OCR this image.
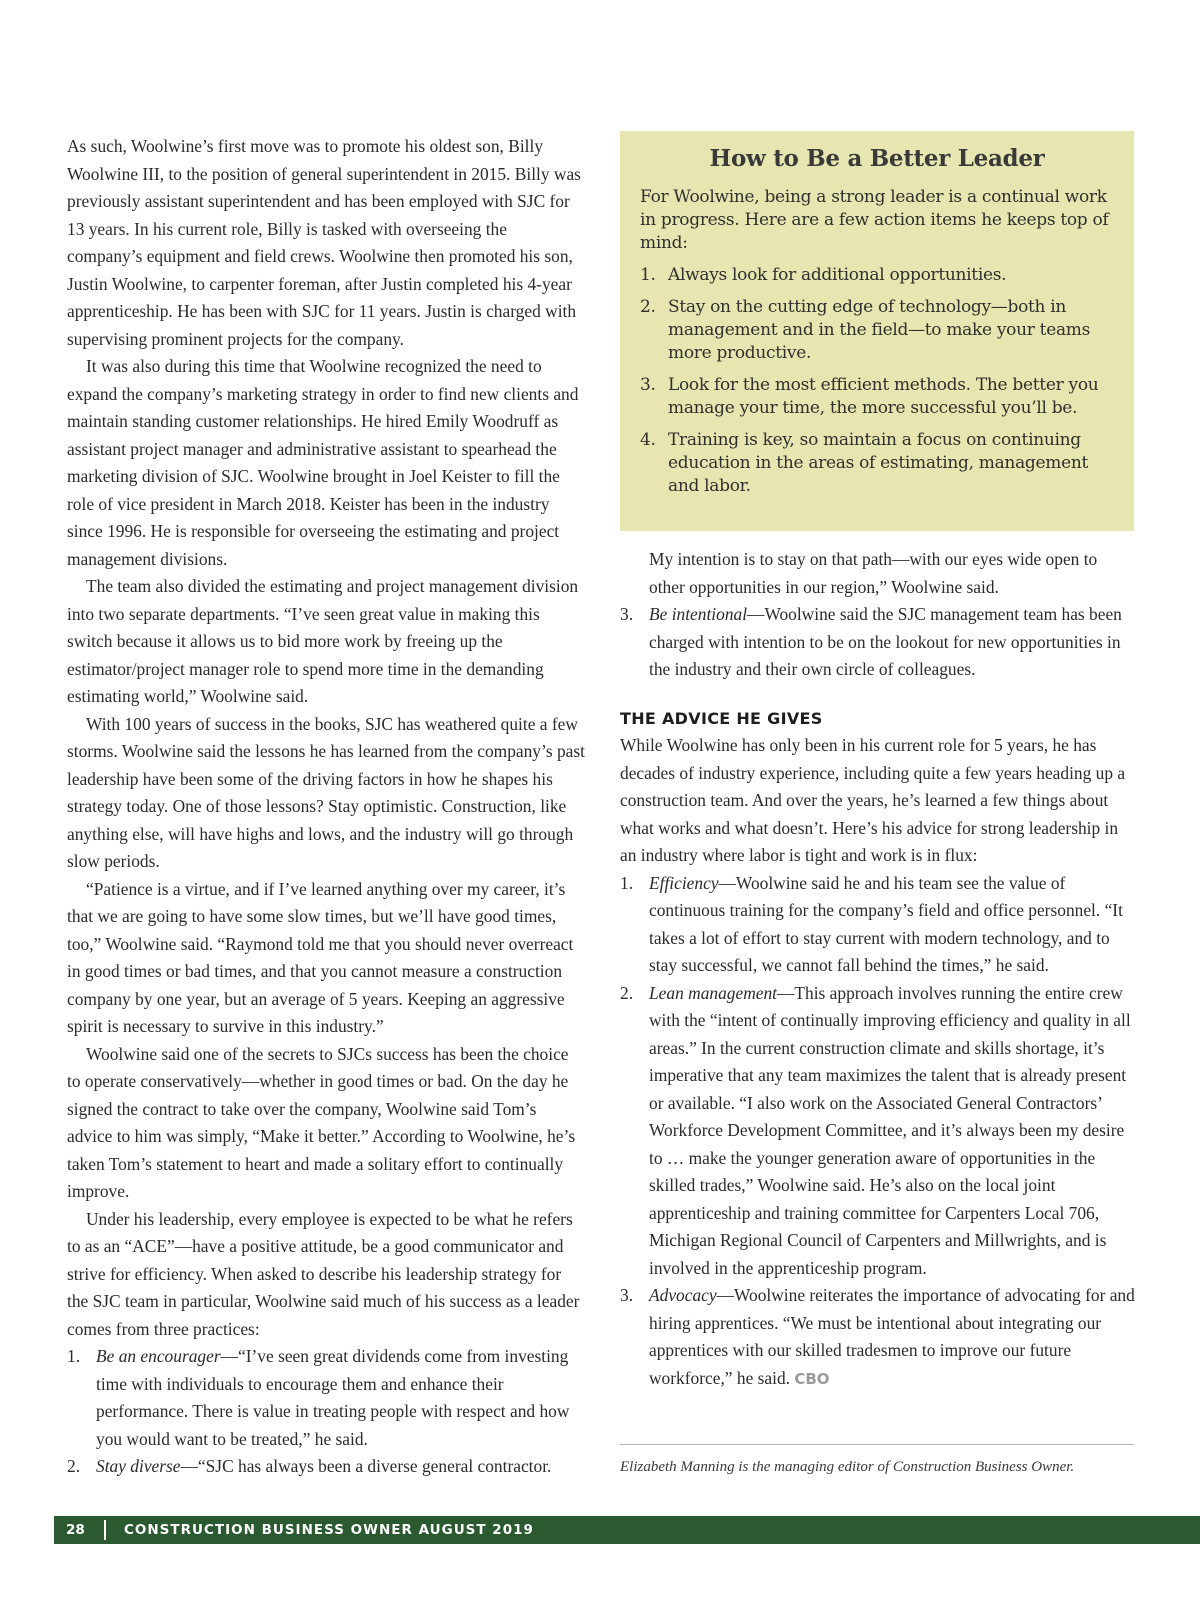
As such, Woolwine’s first move was to promote his oldest son, Billy Woolwine III, to the position of general superintendent in 2015. Billy was previously assistant superintendent and has been employed with SJC for 13 years. In his current role, Billy is tasked with overseeing the company’s equipment and field crews. Woolwine then promoted his son, Justin Woolwine, to carpenter foreman, after Justin completed his 4-year apprenticeship. He has been with SJC for 11 years. Justin is charged with supervising prominent projects for the company.

It was also during this time that Woolwine recognized the need to expand the company’s marketing strategy in order to find new clients and maintain standing customer relationships. He hired Emily Woodruff as assistant project manager and administrative assistant to spearhead the marketing division of SJC. Woolwine brought in Joel Keister to fill the role of vice president in March 2018. Keister has been in the industry since 1996. He is responsible for overseeing the estimating and project management divisions.

The team also divided the estimating and project management division into two separate departments. “I’ve seen great value in making this switch because it allows us to bid more work by freeing up the estimator/project manager role to spend more time in the demanding estimating world,” Woolwine said.

With 100 years of success in the books, SJC has weathered quite a few storms. Woolwine said the lessons he has learned from the company’s past leadership have been some of the driving factors in how he shapes his strategy today. One of those lessons? Stay optimistic. Construction, like anything else, will have highs and lows, and the industry will go through slow periods.

“Patience is a virtue, and if I’ve learned anything over my career, it’s that we are going to have some slow times, but we’ll have good times, too,” Woolwine said. “Raymond told me that you should never overreact in good times or bad times, and that you cannot measure a construction company by one year, but an average of 5 years. Keeping an aggressive spirit is necessary to survive in this industry.”

Woolwine said one of the secrets to SJCs success has been the choice to operate conservatively—whether in good times or bad. On the day he signed the contract to take over the company, Woolwine said Tom’s advice to him was simply, “Make it better.” According to Woolwine, he’s taken Tom’s statement to heart and made a solitary effort to continually improve.

Under his leadership, every employee is expected to be what he refers to as an “ACE”—have a positive attitude, be a good communicator and strive for efficiency. When asked to describe his leadership strategy for the SJC team in particular, Woolwine said much of his success as a leader comes from three practices:

1. Be an encourager—“I’ve seen great dividends come from investing time with individuals to encourage them and enhance their performance. There is value in treating people with respect and how you would want to be treated,” he said.
2. Stay diverse—“SJC has always been a diverse general contractor.
How to Be a Better Leader

For Woolwine, being a strong leader is a continual work in progress. Here are a few action items he keeps top of mind:

1. Always look for additional opportunities.
2. Stay on the cutting edge of technology—both in management and in the field—to make your teams more productive.
3. Look for the most efficient methods. The better you manage your time, the more successful you’ll be.
4. Training is key, so maintain a focus on continuing education in the areas of estimating, management and labor.

My intention is to stay on that path—with our eyes wide open to other opportunities in our region,” Woolwine said.

3. Be intentional—Woolwine said the SJC management team has been charged with intention to be on the lookout for new opportunities in the industry and their own circle of colleagues.
THE ADVICE HE GIVES

While Woolwine has only been in his current role for 5 years, he has decades of industry experience, including quite a few years heading up a construction team. And over the years, he’s learned a few things about what works and what doesn’t. Here’s his advice for strong leadership in an industry where labor is tight and work is in flux:

1. Efficiency—Woolwine said he and his team see the value of continuous training for the company’s field and office personnel. “It takes a lot of effort to stay current with modern technology, and to stay successful, we cannot fall behind the times,” he said.
2. Lean management—This approach involves running the entire crew with the “intent of continually improving efficiency and quality in all areas.” In the current construction climate and skills shortage, it’s imperative that any team maximizes the talent that is already present or available. “I also work on the Associated General Contractors’ Workforce Development Committee, and it’s always been my desire to … make the younger generation aware of opportunities in the skilled trades,” Woolwine said. He’s also on the local joint apprenticeship and training committee for Carpenters Local 706, Michigan Regional Council of Carpenters and Millwrights, and is involved in the apprenticeship program.
3. Advocacy—Woolwine reiterates the importance of advocating for and hiring apprentices. “We must be intentional about integrating our apprentices with our skilled tradesmen to improve our future workforce,” he said. CBO
Elizabeth Manning is the managing editor of Construction Business Owner.
28	CONSTRUCTION BUSINESS OWNER AUGUST 2019
